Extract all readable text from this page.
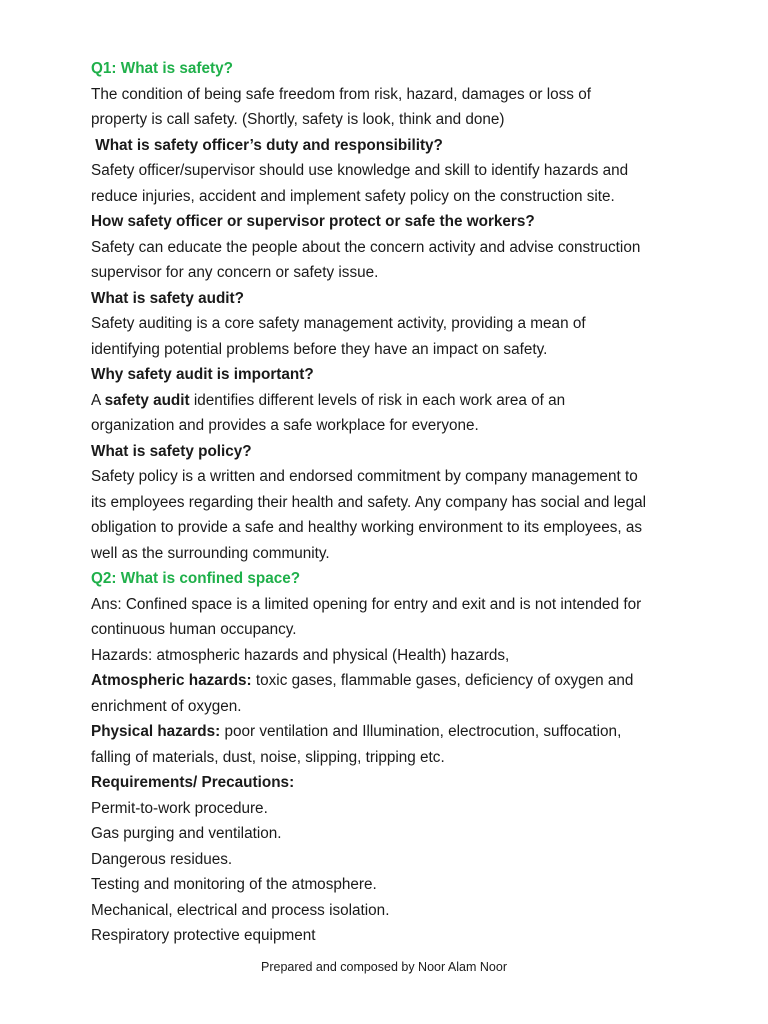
Q1: What is safety?

The condition of being safe freedom from risk, hazard, damages or loss of

property is call safety. (Shortly, safety is look, think and done)

What is safety officer’s duty and responsibility?

Safety officer/supervisor should use knowledge and skill to identify hazards and

reduce injuries, accident and implement safety policy on the construction site.

How safety officer or supervisor protect or safe the workers?

Safety can educate the people about the concern activity and advise construction

supervisor for any concern or safety issue.

What is safety audit?

Safety auditing is a core safety management activity, providing a mean of

identifying potential problems before they have an impact on safety.

Why safety audit is important?

A safety audit identifies different levels of risk in each work area of an

organization and provides a safe workplace for everyone.

What is safety policy?

Safety policy is a written and endorsed commitment by company management to

its employees regarding their health and safety. Any company has social and legal

obligation to provide a safe and healthy working environment to its employees, as

well as the surrounding community.

Q2: What is confined space?

Ans: Confined space is a limited opening for entry and exit and is not intended for

continuous human occupancy.

Hazards: atmospheric hazards and physical (Health) hazards,

Atmospheric hazards: toxic gases, flammable gases, deficiency of oxygen and

enrichment of oxygen.

Physical hazards: poor ventilation and Illumination, electrocution, suffocation,

falling of materials, dust, noise, slipping, tripping etc.

Requirements/ Precautions:

Permit-to-work procedure.

Gas purging and ventilation.

Dangerous residues.

Testing and monitoring of the atmosphere.

Mechanical, electrical and process isolation.

Respiratory protective equipment

Prepared and composed by Noor Alam Noor
